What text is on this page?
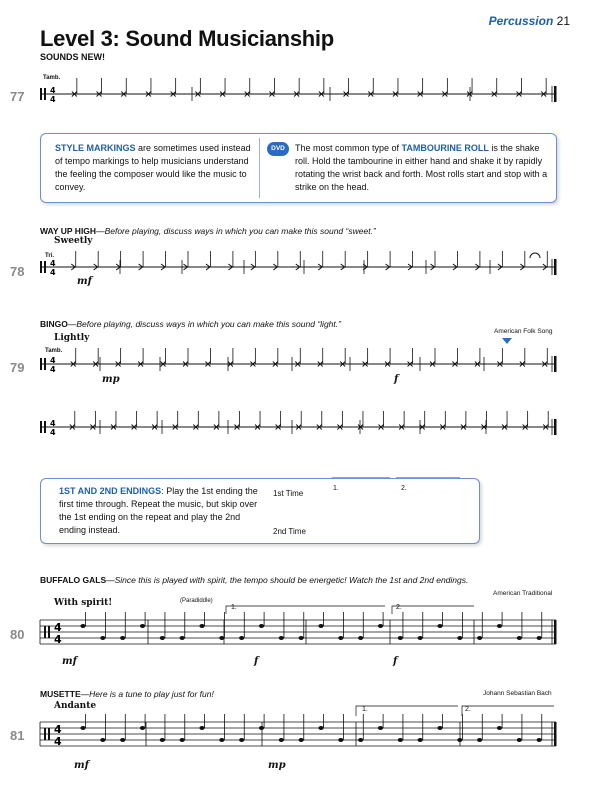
Percussion 21
Level 3: Sound Musicianship
SOUNDS NEW!
4
4
4
4
4
4
4
4
4
4
4
4
77
Tamb.
STYLE MARKINGS are sometimes used instead of tempo markings to help musicians understand the feeling the composer would like the music to convey.
DVD	The most common type of TAMBOURINE ROLL is the shake roll. Hold the tambourine in either hand and shake it by rapidly rotating the wrist back and forth. Most rolls start and stop with a strike on the head.
WAY UP HIGH—Before playing, discuss ways in which you can make this sound “sweet.”
Sweetly
Tri.
78
mf
BINGO—Before playing, discuss ways in which you can make this sound “light.”
American Folk Song
Lightly
Tamb.
79
mp	f
1ST AND 2ND ENDINGS: Play the 1st ending the first time through. Repeat the music, but skip over the 1st ending on the repeat and play the 2nd ending instead.
1st Time
2nd Time
1.	2.
BUFFALO GALS—Since this is played with spirit, the tempo should be energetic! Watch the 1st and 2nd endings.
American Traditional
With spirit!	(Paradiddle)
1.	2.
80
mf	f	f
MUSETTE—Here is a tune to play just for fun!	Johann Sebastian Bach
Andante	1.	2.
81
mf	mp
